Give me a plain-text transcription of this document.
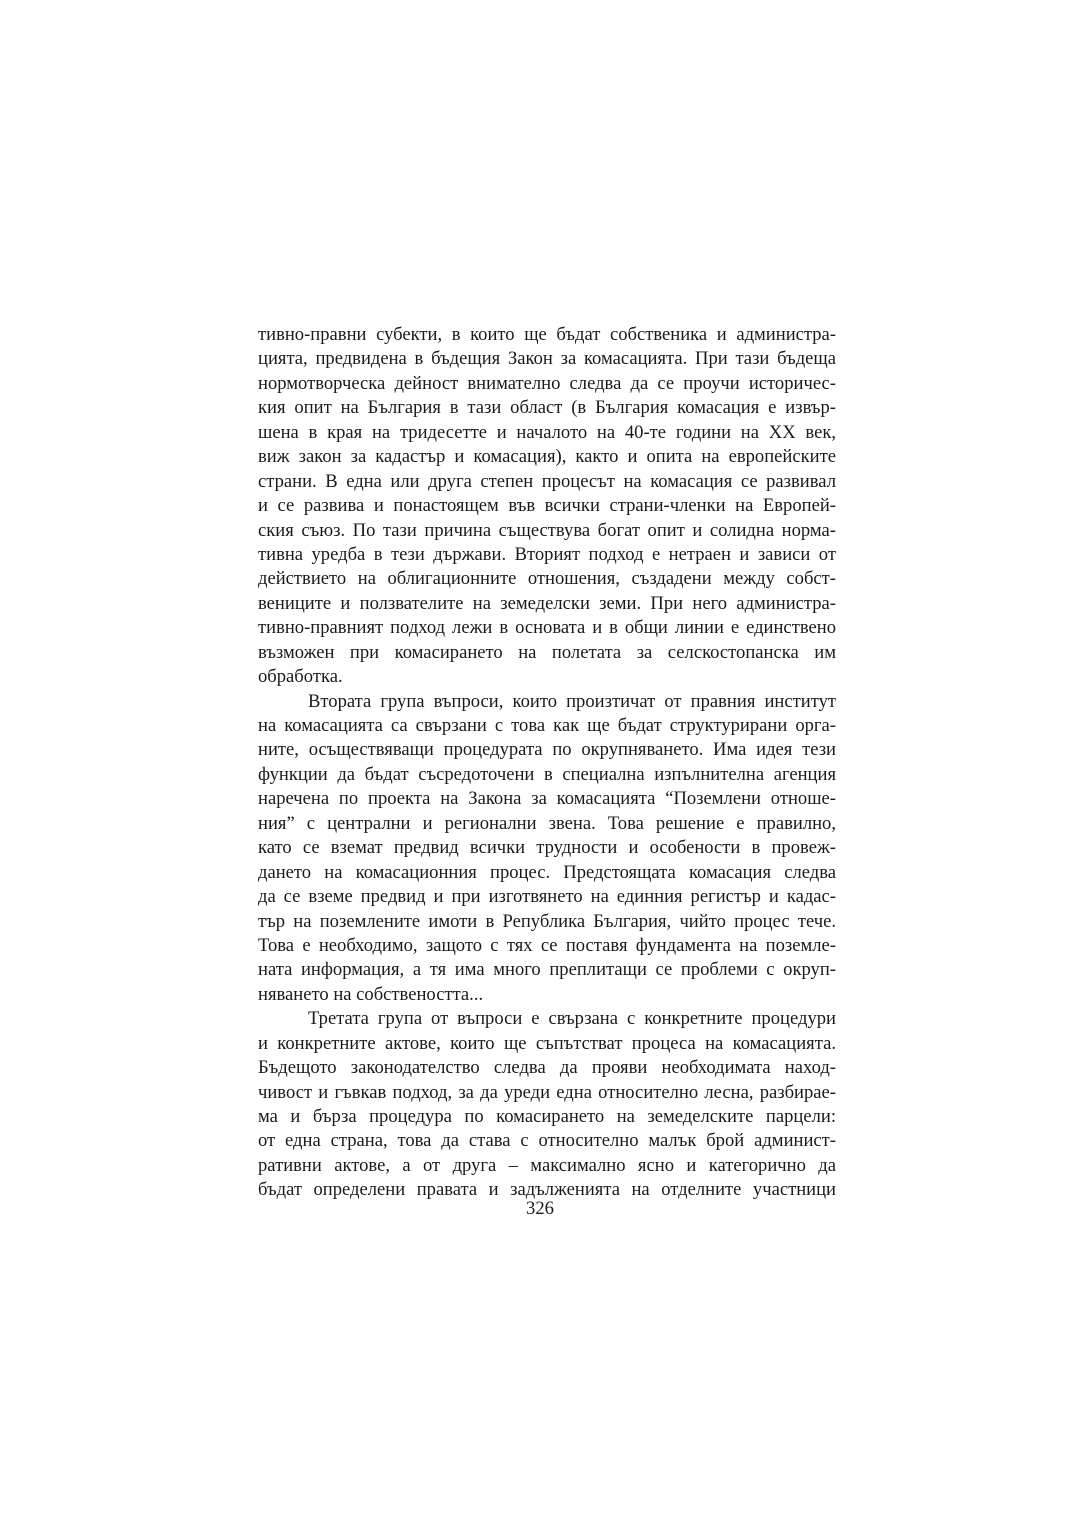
тивно-правни субекти, в които ще бъдат собственика и администра-
цията, предвидена в бъдещия Закон за комасацията. При тази бъдеща
нормотворческа дейност внимателно следва да се проучи историчес-
кия опит на България в тази област (в България комасация е извър-
шена в края на тридесетте и началото на 40-те години на XX век,
виж закон за кадастър и комасация), както и опита на европейските
страни. В една или друга степен процесът на комасация се развивал
и се развива и понастоящем във всички страни-членки на Европей-
ския съюз. По тази причина съществува богат опит и солидна норма-
тивна уредба в тези държави. Вторият подход е нетраен и зависи от
действието на облигационните отношения, създадени между собст-
вениците и ползвателите на земеделски земи. При него администра-
тивно-правният подход лежи в основата и в общи линии е единствено
възможен при комасирането на полетата за селскостопанска им
обработка.
Втората група въпроси, които произтичат от правния институт
на комасацията са свързани с това как ще бъдат структурирани орга-
ните, осъществяващи процедурата по окрупняването. Има идея тези
функции да бъдат съсредоточени в специална изпълнителна агенция
наречена по проекта на Закона за комасацията “Поземлени отноше-
ния” с централни и регионални звена. Това решение е правилно,
като се вземат предвид всички трудности и особености в провеж-
дането на комасационния процес. Предстоящата комасация следва
да се вземе предвид и при изготвянето на единния регистър и кадас-
тър на поземлените имоти в Република България, чийто процес тече.
Това е необходимо, защото с тях се поставя фундамента на поземле-
ната информация, а тя има много преплитащи се проблеми с окруп-
няването на собствеността...
Третата група от въпроси е свързана с конкретните процедури
и конкретните актове, които ще съпътстват процеса на комасацията.
Бъдещото законодателство следва да прояви необходимата наход-
чивост и гъвкав подход, за да уреди една относително лесна, разбирае-
ма и бърза процедура по комасирането на земеделските парцели:
от една страна, това да става с относително малък брой админист-
ративни актове, а от друга – максимално ясно и категорично да
бъдат определени правата и задълженията на отделните участници
326
